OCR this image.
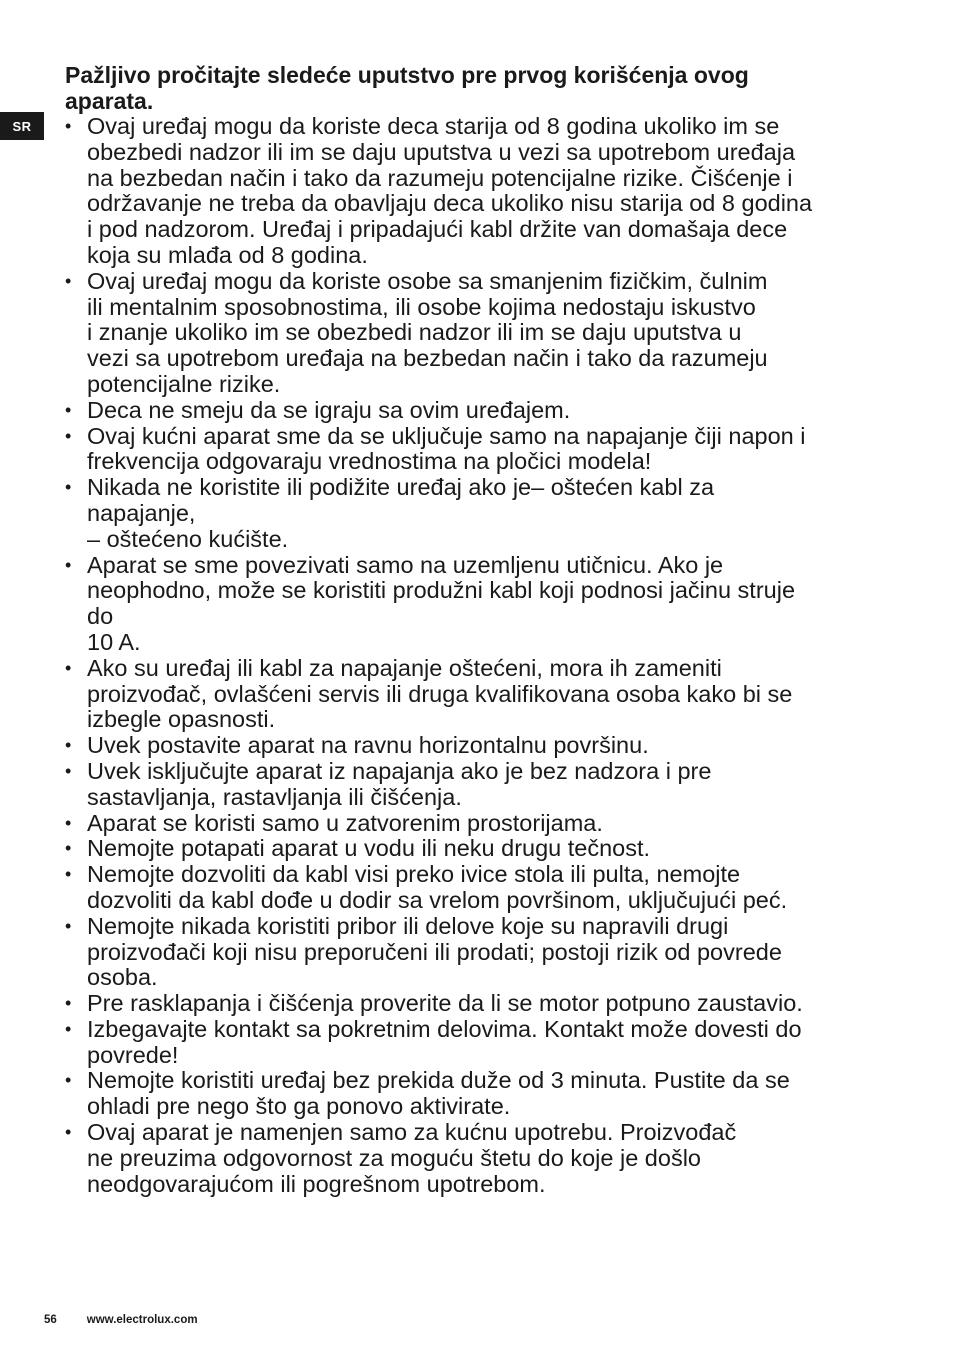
SR

Pažljivo pročitajte sledeće uputstvo pre prvog korišćenja ovog
aparata.

• Ovaj uređaj mogu da koriste deca starija od 8 godina ukoliko im se
obezbedi nadzor ili im se daju uputstva u vezi sa upotrebom uređaja
na bezbedan način i tako da razumeju potencijalne rizike. Čišćenje i
održavanje ne treba da obavljaju deca ukoliko nisu starija od 8 godina
i pod nadzorom. Uređaj i pripadajući kabl držite van domašaja dece
koja su mlađa od 8 godina.
• Ovaj uređaj mogu da koriste osobe sa smanjenim fizičkim, čulnim
ili mentalnim sposobnostima, ili osobe kojima nedostaju iskustvo
i znanje ukoliko im se obezbedi nadzor ili im se daju uputstva u
vezi sa upotrebom uređaja na bezbedan način i tako da razumeju
potencijalne rizike.
• Deca ne smeju da se igraju sa ovim uređajem.
• Ovaj kućni aparat sme da se uključuje samo na napajanje čiji napon i
frekvencija odgovaraju vrednostima na pločici modela!
• Nikada ne koristite ili podižite uređaj ako je– oštećen kabl za
napajanje,
– oštećeno kućište.
• Aparat se sme povezivati samo na uzemljenu utičnicu. Ako je
neophodno, može se koristiti produžni kabl koji podnosi jačinu struje
do
10 A.
• Ako su uređaj ili kabl za napajanje oštećeni, mora ih zameniti
proizvođač, ovlašćeni servis ili druga kvalifikovana osoba kako bi se
izbegle opasnosti.
• Uvek postavite aparat na ravnu horizontalnu površinu.
• Uvek isključujte aparat iz napajanja ako je bez nadzora i pre
sastavljanja, rastavljanja ili čišćenja.
• Aparat se koristi samo u zatvorenim prostorijama.
• Nemojte potapati aparat u vodu ili neku drugu tečnost.
• Nemojte dozvoliti da kabl visi preko ivice stola ili pulta, nemojte
dozvoliti da kabl dođe u dodir sa vrelom površinom, uključujući peć.
• Nemojte nikada koristiti pribor ili delove koje su napravili drugi
proizvođači koji nisu preporučeni ili prodati; postoji rizik od povrede
osoba.
• Pre rasklapanja i čišćenja proverite da li se motor potpuno zaustavio.
• Izbegavajte kontakt sa pokretnim delovima. Kontakt može dovesti do
povrede!
• Nemojte koristiti uređaj bez prekida duže od 3 minuta. Pustite da se
ohladi pre nego što ga ponovo aktivirate.
• Ovaj aparat je namenjen samo za kućnu upotrebu. Proizvođač
ne preuzima odgovornost za moguću štetu do koje je došlo
neodgovarajućom ili pogrešnom upotrebom.
56	www.electrolux.com
